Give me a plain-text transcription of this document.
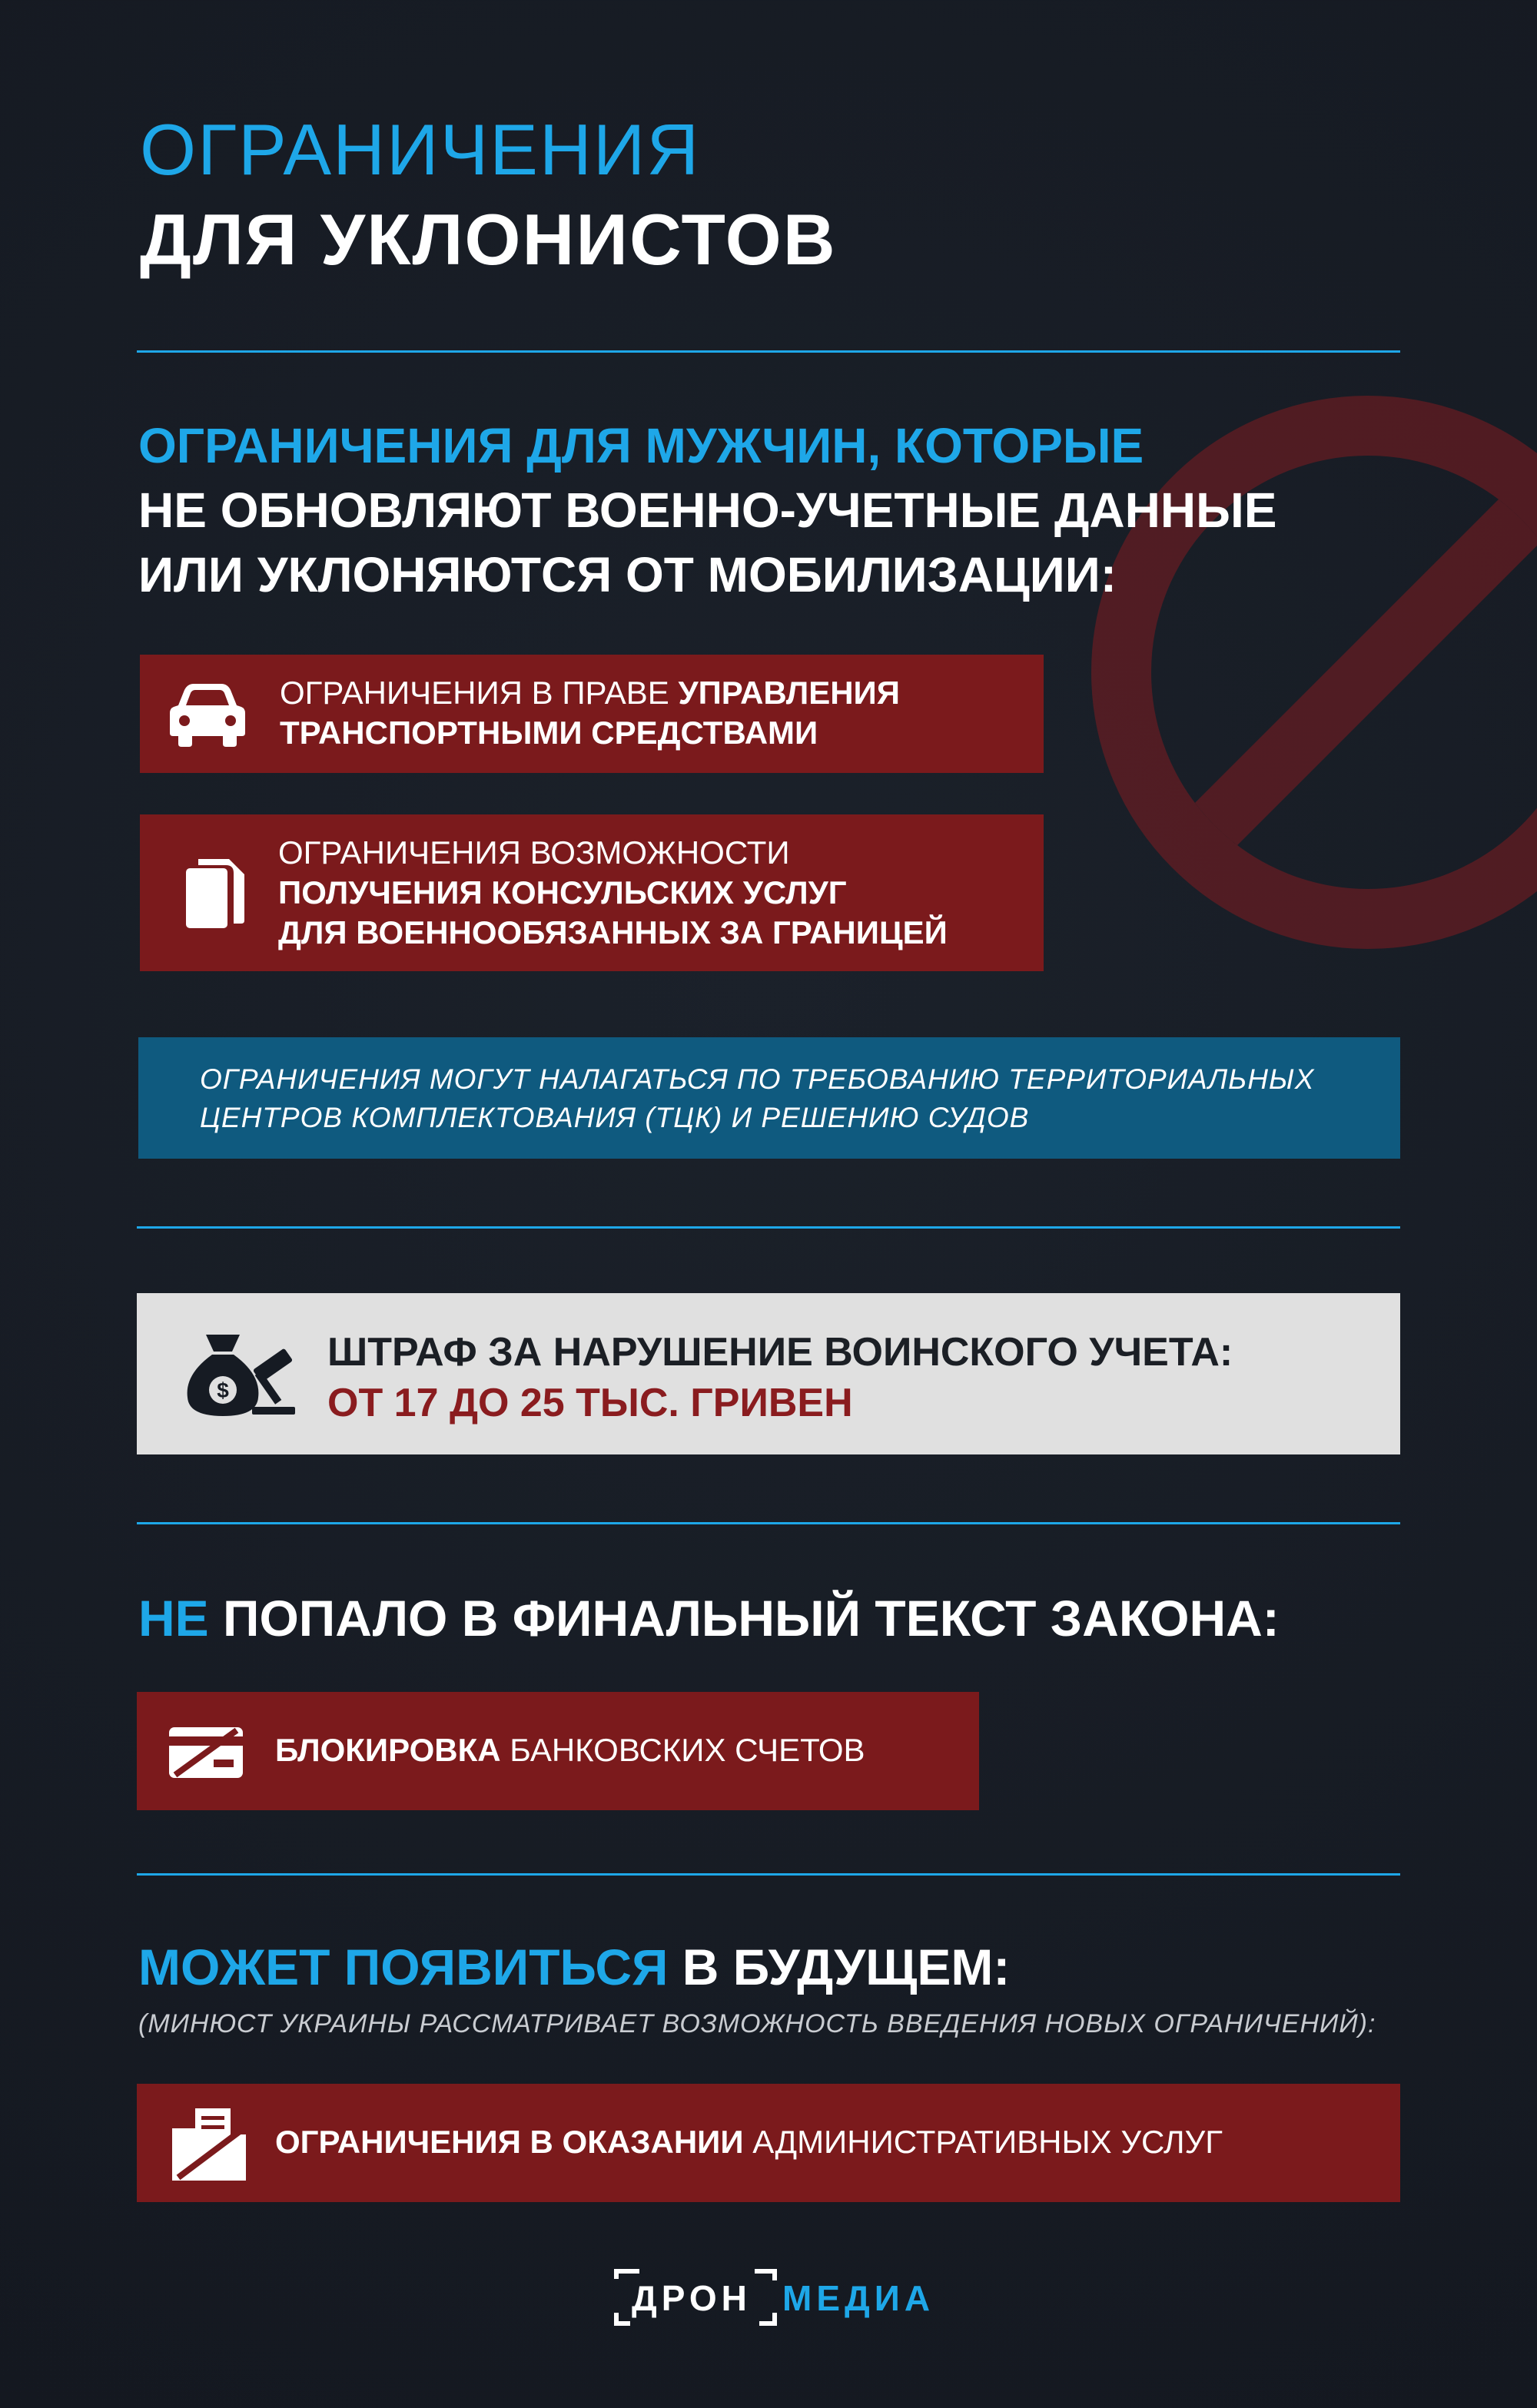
ОГРАНИЧЕНИЯ
ДЛЯ УКЛОНИСТОВ
ОГРАНИЧЕНИЯ ДЛЯ МУЖЧИН, КОТОРЫЕ
НЕ ОБНОВЛЯЮТ ВОЕННО-УЧЕТНЫЕ ДАННЫЕ
ИЛИ УКЛОНЯЮТСЯ ОТ МОБИЛИЗАЦИИ:
ОГРАНИЧЕНИЯ В ПРАВЕ УПРАВЛЕНИЯ
ТРАНСПОРТНЫМИ СРЕДСТВАМИ
ОГРАНИЧЕНИЯ ВОЗМОЖНОСТИ
ПОЛУЧЕНИЯ КОНСУЛЬСКИХ УСЛУГ
ДЛЯ ВОЕННООБЯЗАННЫХ ЗА ГРАНИЦЕЙ
ОГРАНИЧЕНИЯ МОГУТ НАЛАГАТЬСЯ ПО ТРЕБОВАНИЮ ТЕРРИТОРИАЛЬНЫХ
ЦЕНТРОВ КОМПЛЕКТОВАНИЯ (ТЦК) И РЕШЕНИЮ СУДОВ
$
ШТРАФ ЗА НАРУШЕНИЕ ВОИНСКОГО УЧЕТА:
ОТ 17 ДО 25 ТЫС. ГРИВЕН
НЕ ПОПАЛО В ФИНАЛЬНЫЙ ТЕКСТ ЗАКОНА:
БЛОКИРОВКА БАНКОВСКИХ СЧЕТОВ
МОЖЕТ ПОЯВИТЬСЯ В БУДУЩЕМ:
(МИНЮСТ УКРАИНЫ РАССМАТРИВАЕТ ВОЗМОЖНОСТЬ ВВЕДЕНИЯ НОВЫХ ОГРАНИЧЕНИЙ):
ОГРАНИЧЕНИЯ В ОКАЗАНИИ АДМИНИСТРАТИВНЫХ УСЛУГ
ДРОН МЕДИА
